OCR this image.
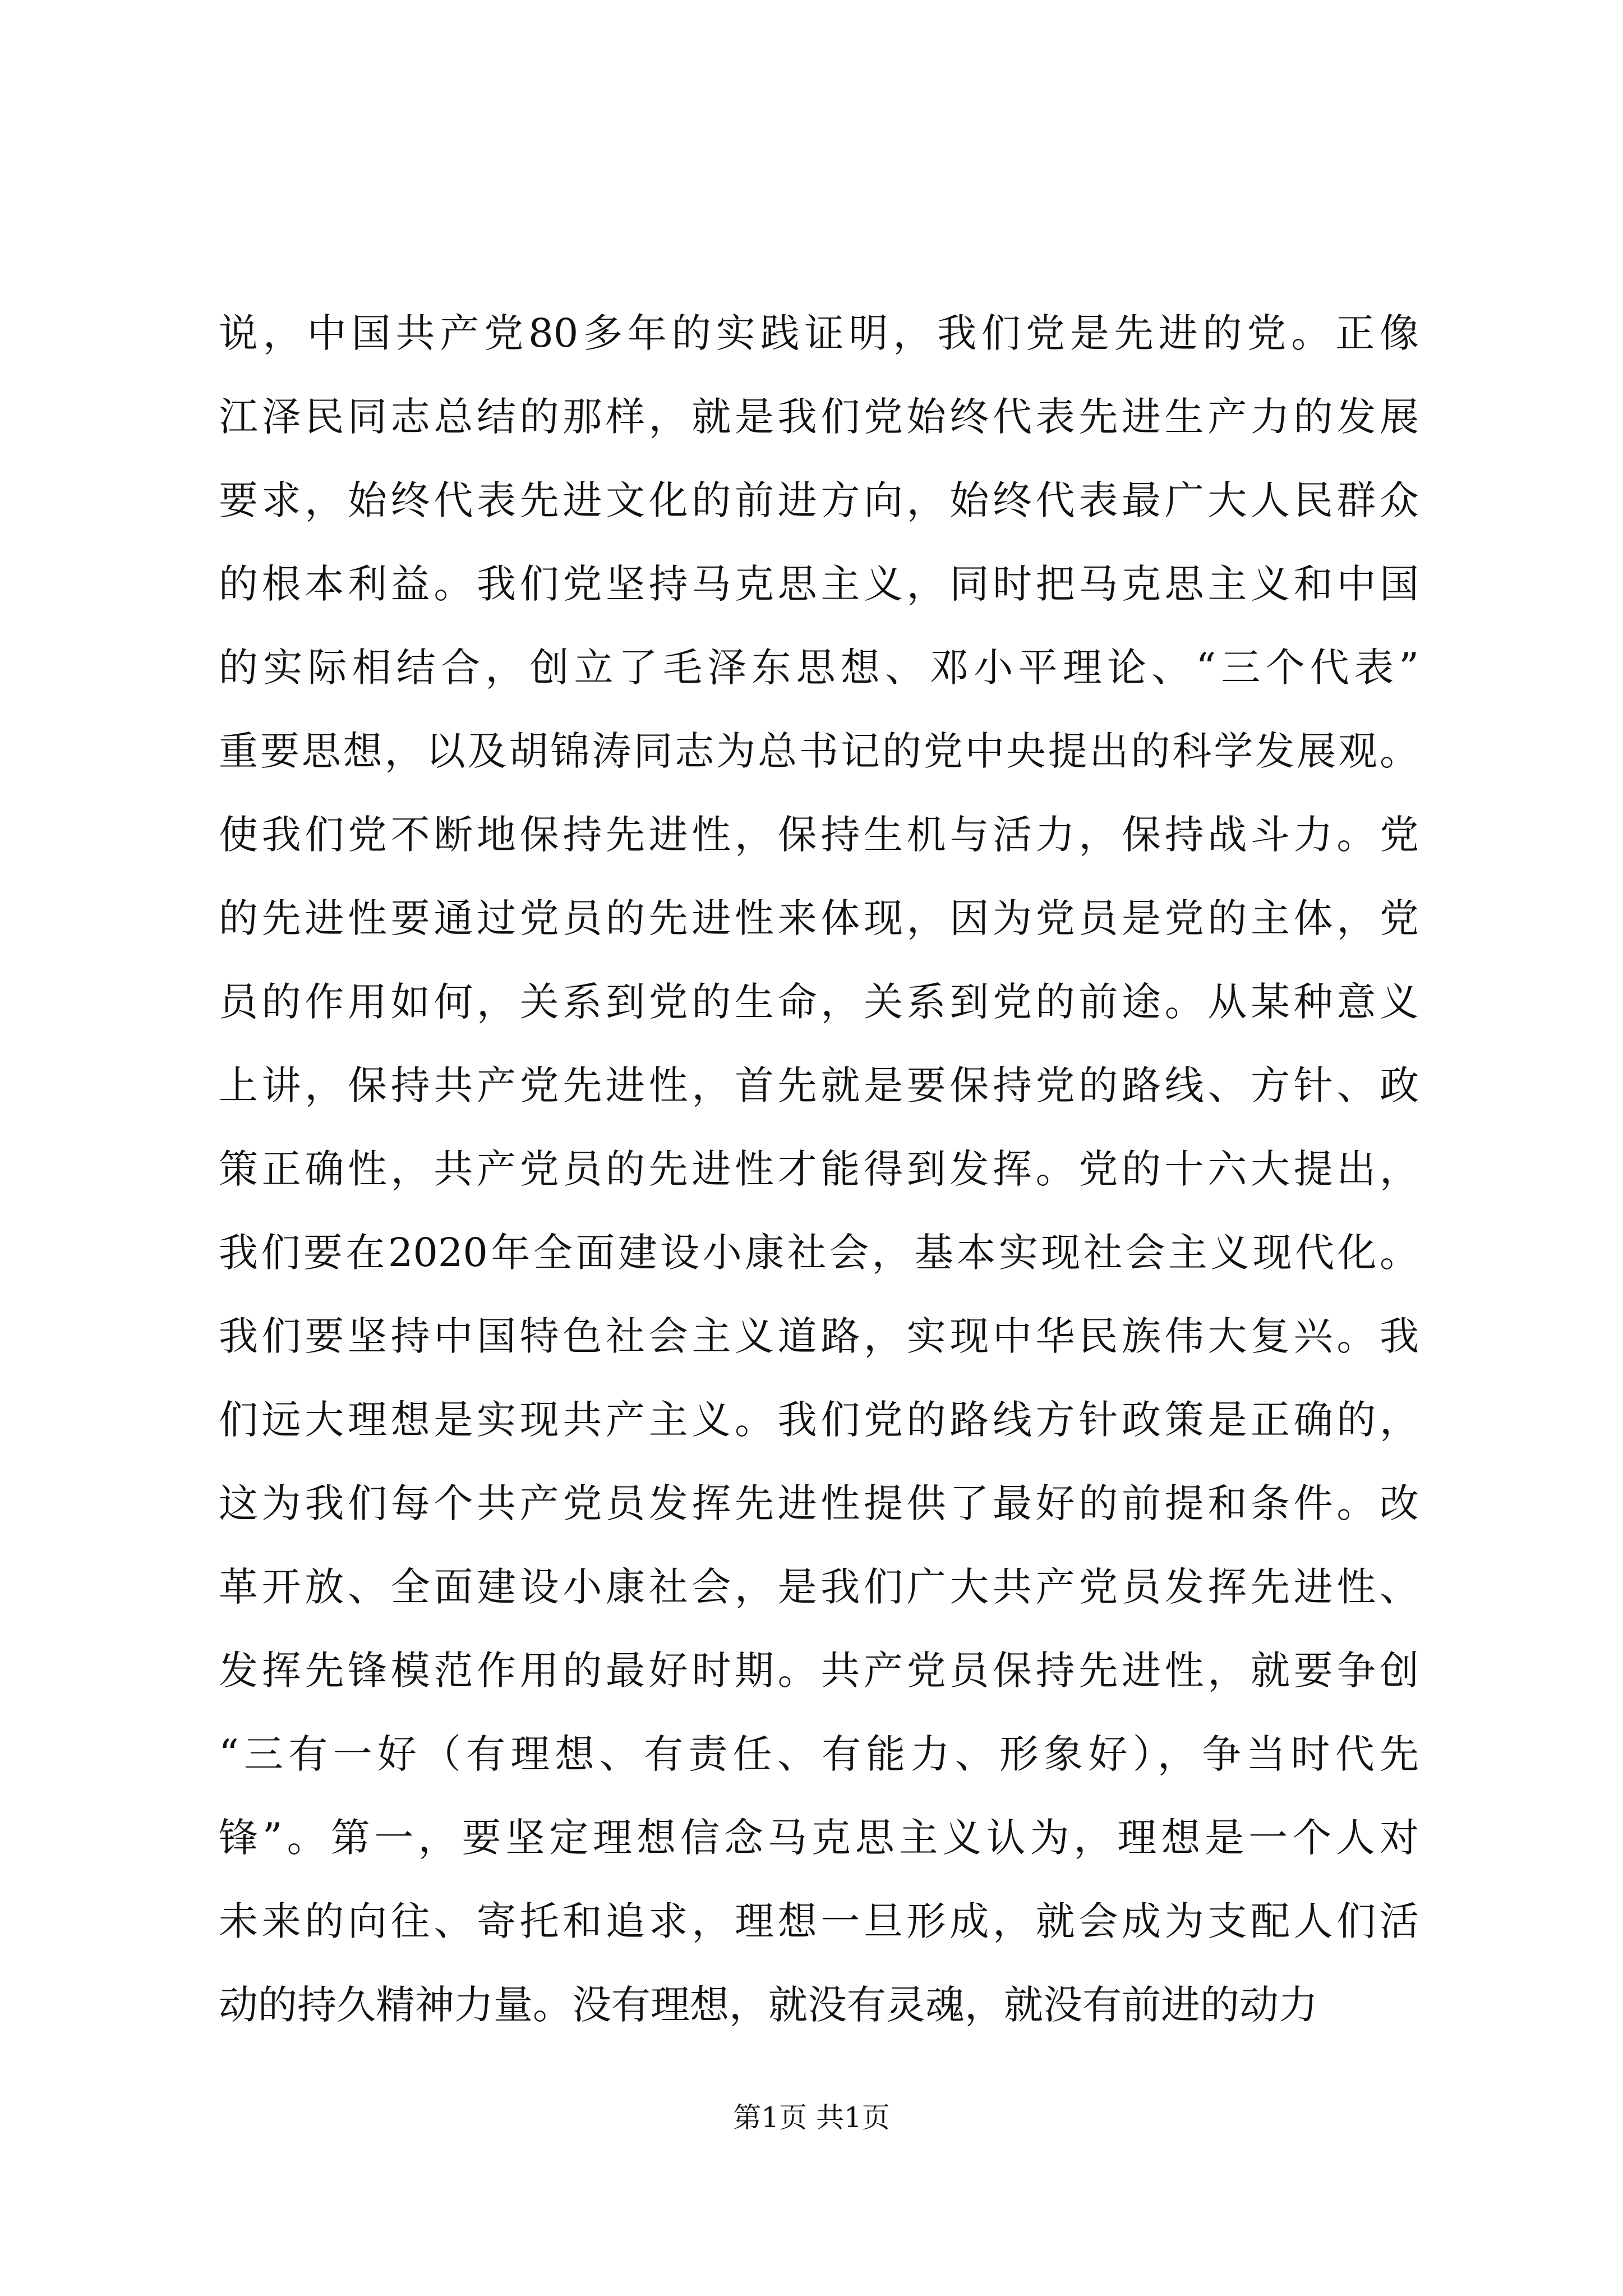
说，中国共产党80多年的实践证明，我们党是先进的党。正像
江泽民同志总结的那样，就是我们党始终代表先进生产力的发展
要求，始终代表先进文化的前进方向，始终代表最广大人民群众
的根本利益。我们党坚持马克思主义，同时把马克思主义和中国
的实际相结合，创立了毛泽东思想、邓小平理论、“三个代表”
重要思想，以及胡锦涛同志为总书记的党中央提出的科学发展观。
使我们党不断地保持先进性，保持生机与活力，保持战斗力。党
的先进性要通过党员的先进性来体现，因为党员是党的主体，党
员的作用如何，关系到党的生命，关系到党的前途。从某种意义
上讲，保持共产党先进性，首先就是要保持党的路线、方针、政
策正确性，共产党员的先进性才能得到发挥。党的十六大提出，
我们要在2020年全面建设小康社会，基本实现社会主义现代化。
我们要坚持中国特色社会主义道路，实现中华民族伟大复兴。我
们远大理想是实现共产主义。我们党的路线方针政策是正确的，
这为我们每个共产党员发挥先进性提供了最好的前提和条件。改
革开放、全面建设小康社会，是我们广大共产党员发挥先进性、
发挥先锋模范作用的最好时期。共产党员保持先进性，就要争创
“三有一好（有理想、有责任、有能力、形象好），争当时代先
锋”。第一，要坚定理想信念马克思主义认为，理想是一个人对
未来的向往、寄托和追求，理想一旦形成，就会成为支配人们活
动的持久精神力量。没有理想，就没有灵魂，就没有前进的动力
第1页 共1页
